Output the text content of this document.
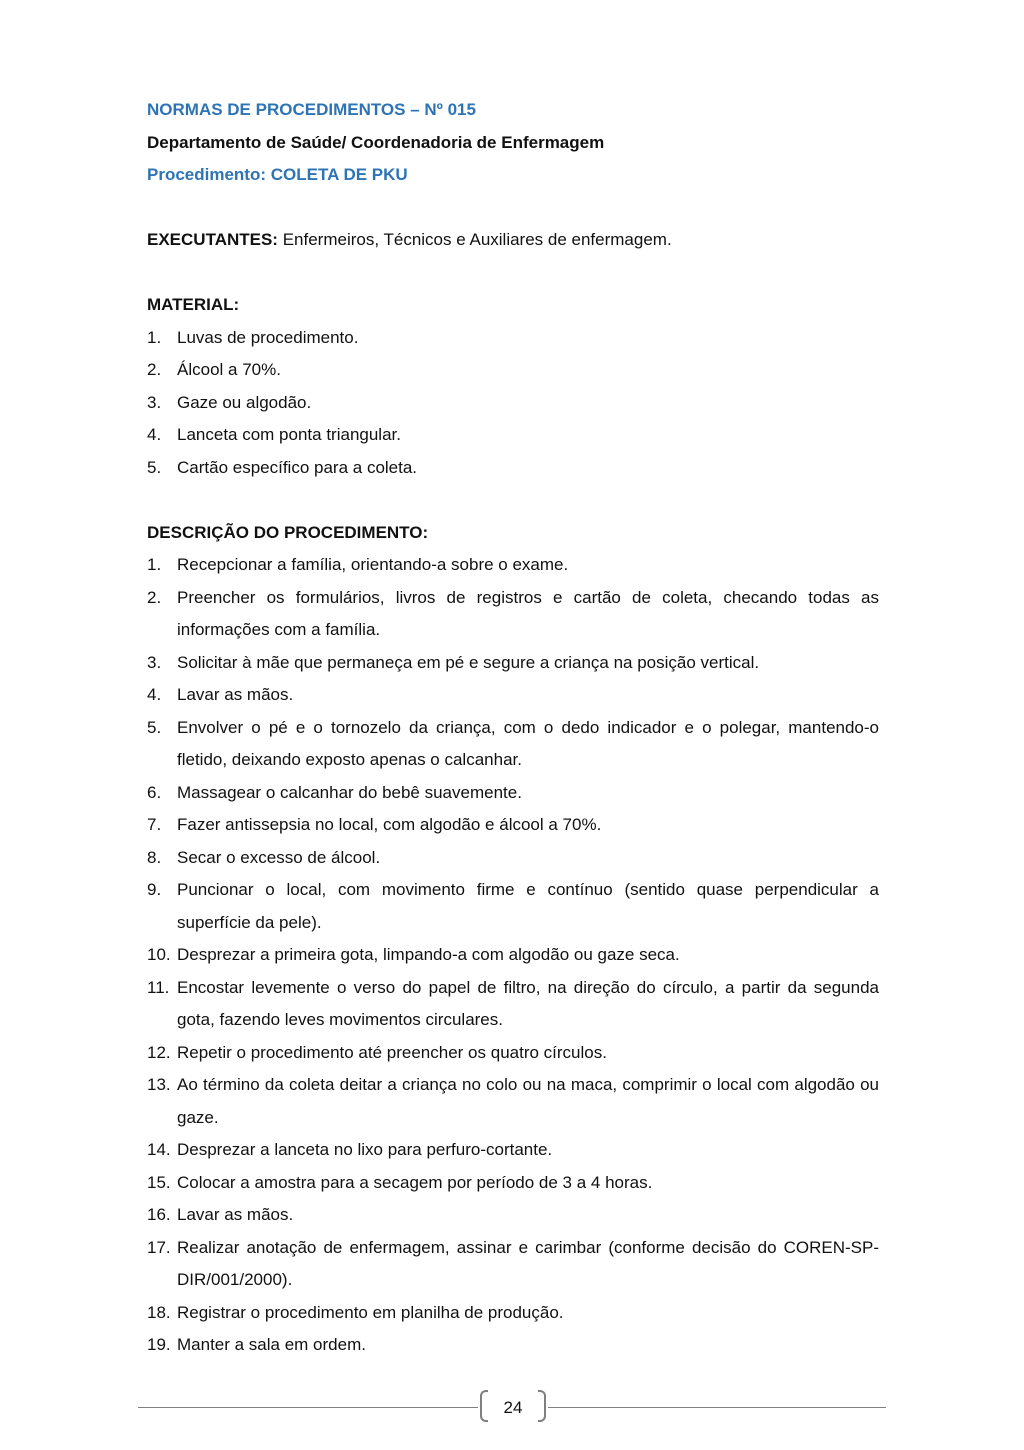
NORMAS DE PROCEDIMENTOS – Nº 015
Departamento de Saúde/ Coordenadoria de Enfermagem
Procedimento: COLETA DE PKU
EXECUTANTES: Enfermeiros, Técnicos e Auxiliares de enfermagem.
MATERIAL:
1. Luvas de procedimento.
2. Álcool a 70%.
3. Gaze ou algodão.
4. Lanceta com ponta triangular.
5. Cartão específico para a coleta.
DESCRIÇÃO DO PROCEDIMENTO:
1. Recepcionar a família, orientando-a sobre o exame.
2. Preencher os formulários, livros de registros e cartão de coleta, checando todas as informações com a família.
3. Solicitar à mãe que permaneça em pé e segure a criança na posição vertical.
4. Lavar as mãos.
5. Envolver o pé e o tornozelo da criança, com o dedo indicador e o polegar, mantendo-o fletido, deixando exposto apenas o calcanhar.
6. Massagear o calcanhar do bebê suavemente.
7. Fazer antissepsia no local, com algodão e álcool a 70%.
8. Secar o excesso de álcool.
9. Puncionar o local, com movimento firme e contínuo (sentido quase perpendicular a superfície da pele).
10. Desprezar a primeira gota, limpando-a com algodão ou gaze seca.
11. Encostar levemente o verso do papel de filtro, na direção do círculo, a partir da segunda gota, fazendo leves movimentos circulares.
12. Repetir o procedimento até preencher os quatro círculos.
13. Ao término da coleta deitar a criança no colo ou na maca, comprimir o local com algodão ou gaze.
14. Desprezar a lanceta no lixo para perfuro-cortante.
15. Colocar a amostra para a secagem por período de 3 a 4 horas.
16. Lavar as mãos.
17. Realizar anotação de enfermagem, assinar e carimbar (conforme decisão do COREN-SP-DIR/001/2000).
18. Registrar o procedimento em planilha de produção.
19. Manter a sala em ordem.
24
